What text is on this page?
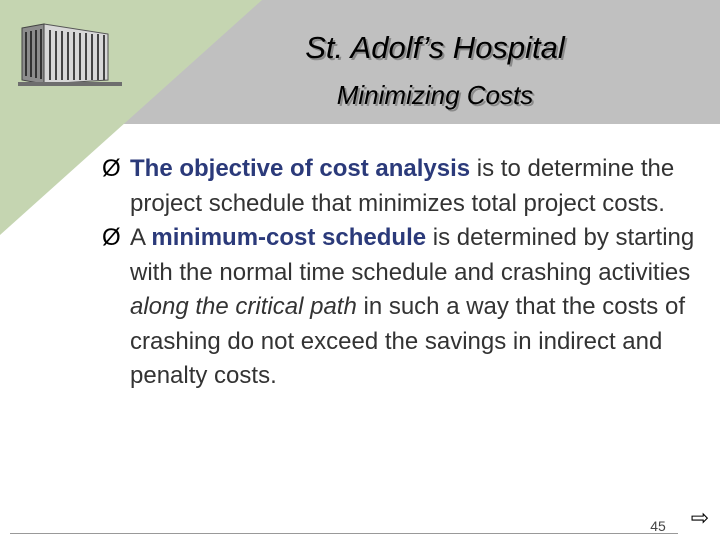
St. Adolf’s Hospital
Minimizing Costs
Ø The objective of cost analysis is to determine the project schedule that minimizes total project costs.
Ø A minimum-cost schedule is determined by starting with the normal time schedule and crashing activities along the critical path in such a way that the costs of crashing do not exceed the savings in indirect and penalty costs.
45	⇨
